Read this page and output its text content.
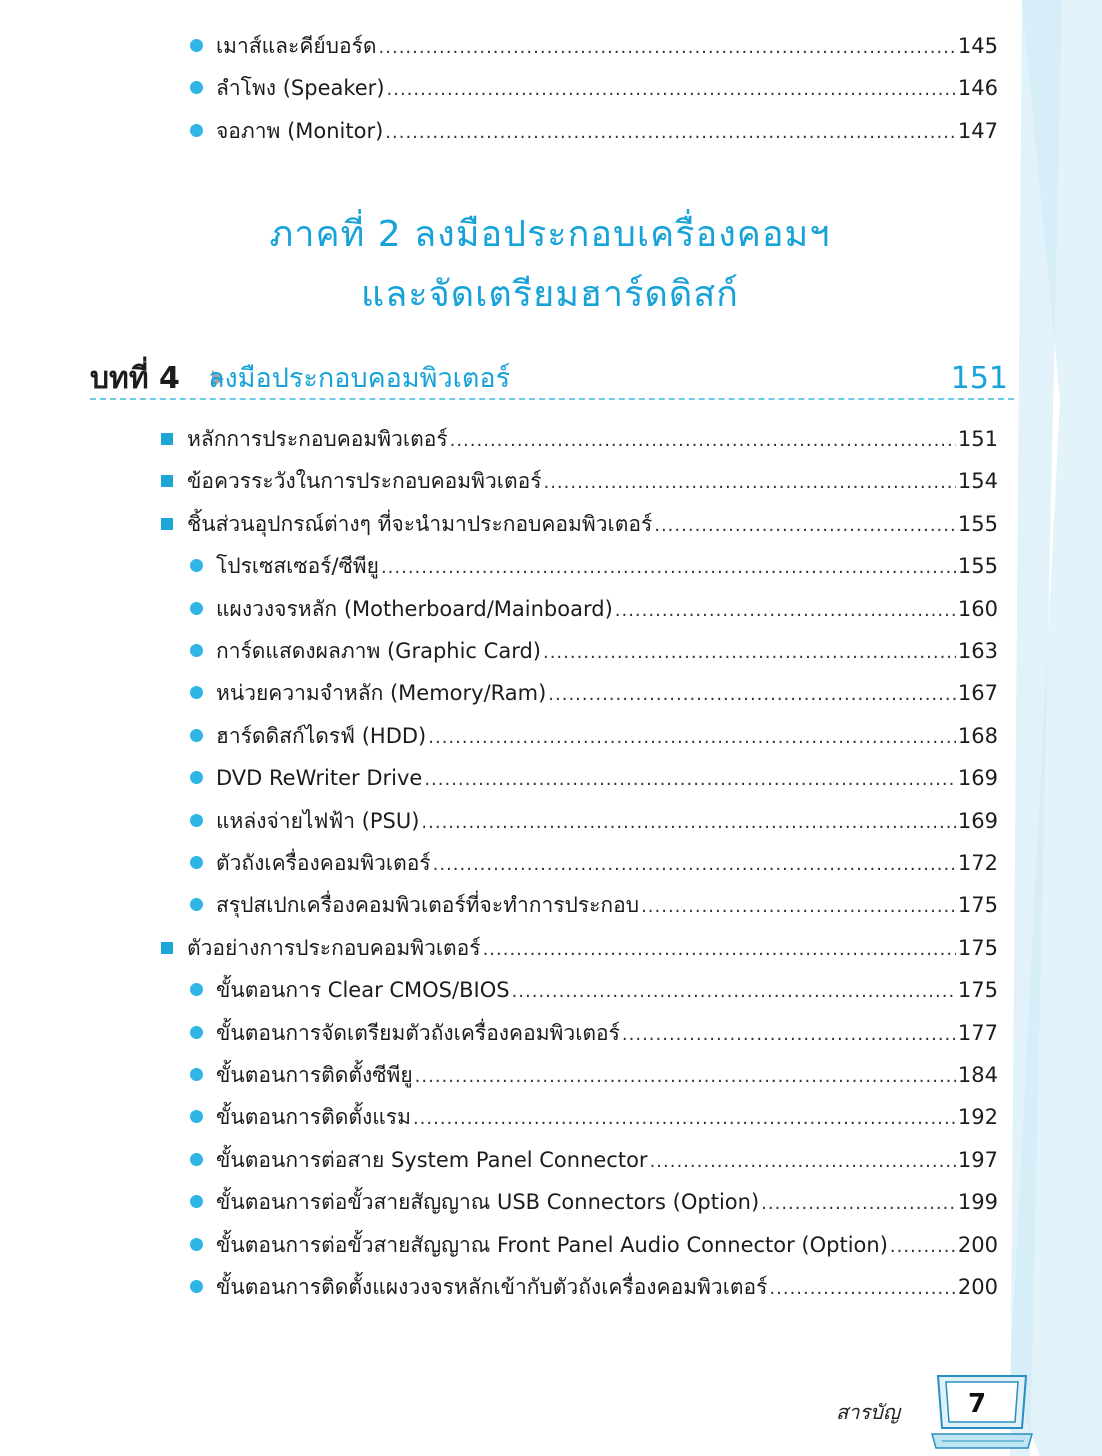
เมาส์และคีย์บอร์ด .....	145
ลำโพง (Speaker) .....	146
จอภาพ (Monitor) .....	147
ภาคที่ 2 ลงมือประกอบเครื่องคอมฯ
และจัดเตรียมฮาร์ดดิสก์
บทที่ 4 ลงมือประกอบคอมพิวเตอร์	151
หลักการประกอบคอมพิวเตอร์ .....	151
ข้อควรระวังในการประกอบคอมพิวเตอร์ .....	154
ชิ้นส่วนอุปกรณ์ต่างๆ ที่จะนำมาประกอบคอมพิวเตอร์ .....	155
โปรเซสเซอร์/ซีพียู .....	155
แผงวงจรหลัก (Motherboard/Mainboard) .....	160
การ์ดแสดงผลภาพ (Graphic Card) .....	163
หน่วยความจำหลัก (Memory/Ram) .....	167
ฮาร์ดดิสก์ไดรฟ์ (HDD) .....	168
DVD ReWriter Drive .....	169
แหล่งจ่ายไฟฟ้า (PSU) .....	169
ตัวถังเครื่องคอมพิวเตอร์ .....	172
สรุปสเปกเครื่องคอมพิวเตอร์ที่จะทำการประกอบ .....	175
ตัวอย่างการประกอบคอมพิวเตอร์ .....	175
ขั้นตอนการ Clear CMOS/BIOS .....	175
ขั้นตอนการจัดเตรียมตัวถังเครื่องคอมพิวเตอร์ .....	177
ขั้นตอนการติดตั้งซีพียู .....	184
ขั้นตอนการติดตั้งแรม .....	192
ขั้นตอนการต่อสาย System Panel Connector .....	197
ขั้นตอนการต่อขั้วสายสัญญาณ USB Connectors (Option) .....	199
ขั้นตอนการต่อขั้วสายสัญญาณ Front Panel Audio Connector (Option) .....	200
ขั้นตอนการติดตั้งแผงวงจรหลักเข้ากับตัวถังเครื่องคอมพิวเตอร์ .....	200
สารบัญ	7
